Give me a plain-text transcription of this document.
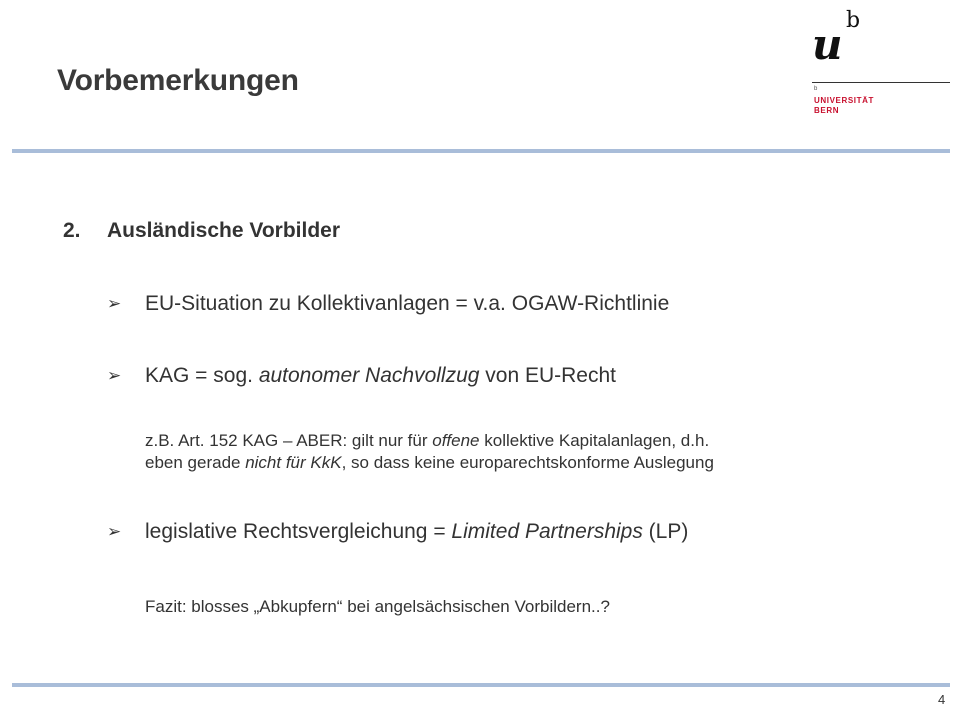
Vorbemerkungen
u b
b
UNIVERSITÄT
BERN
2. Ausländische Vorbilder
➢ EU-Situation zu Kollektivanlagen = v.a. OGAW-Richtlinie
➢ KAG = sog. autonomer Nachvollzug von EU-Recht
z.B. Art. 152 KAG – ABER: gilt nur für offene kollektive Kapitalanlagen, d.h.
eben gerade nicht für KkK, so dass keine europarechtskonforme Auslegung
➢ legislative Rechtsvergleichung = Limited Partnerships (LP)
Fazit: blosses „Abkupfern“ bei angelsächsischen Vorbildern..?
4
